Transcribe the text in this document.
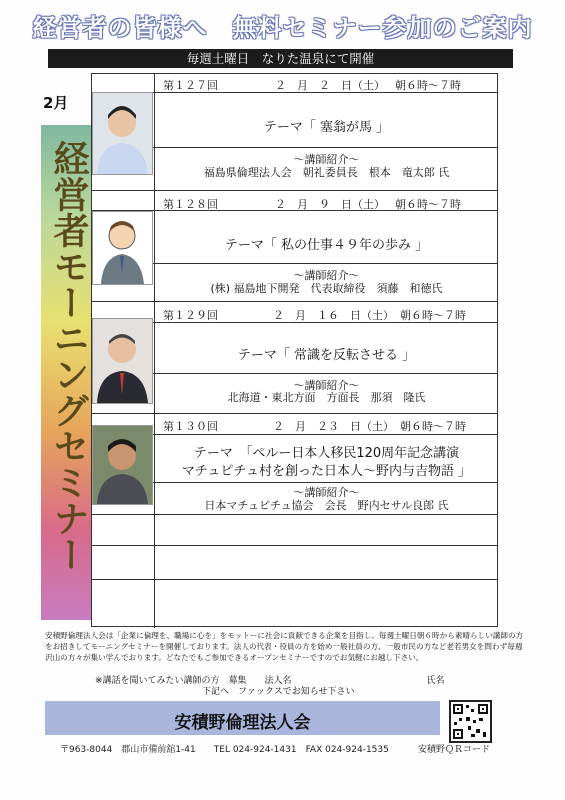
経営者の皆様へ　無料セミナー参加のご案内
毎週土曜日　なりた温泉にて開催
2月
経営者モーニングセミナー
第１２７回	２　月　２　日（土） 朝６時〜７時
テーマ「 塞翁が馬 」
〜講師紹介〜
福島県倫理法人会　朝礼委員長　根本　竜太郎 氏
第１２８回	２　月　９　日（土） 朝６時〜７時
テーマ「 私の仕事４９年の歩み 」
〜講師紹介〜
(株) 福島地下開発　代表取締役　須藤　和徳氏
第１２９回	２　月　１６　日（土） 朝６時〜７時
テーマ「 常識を反転させる 」
〜講師紹介〜
北海道・東北方面　方面長　那須　隆氏
第１３０回	２　月　２３　日（土） 朝６時〜７時
テーマ　「ペルー日本人移民120周年記念講演
マチュピチュ村を創った日本人〜野内与吉物語 」
〜講師紹介〜
日本マチュピチュ協会　会長　野内セサル良郎 氏
安積野倫理法人会は「企業に倫理を、職場に心を」をモットーに社会に貢献できる企業を目指し、毎週土曜日朝６時から素晴らしい講師の方をお招きしてモーニングセミナーを開催しております。法人の代表・役員の方を始め一般社員の方、一般市民の方など老若男女を問わず毎週沢山の方々が集い学んでおります。どなたでもご参加できるオープンセミナーですのでお気軽にお越し下さい。
※講話を聞いてみたい講師の方　募集　　法人名　　　　　　　　　　　　　　　氏名
下記へ　ファックスでお知らせ下さい
安積野倫理法人会
〒963-8044　郡山市備前舘1-41　　TEL 024-924-1431　FAX 024-924-1535	安積野ＱＲコード
